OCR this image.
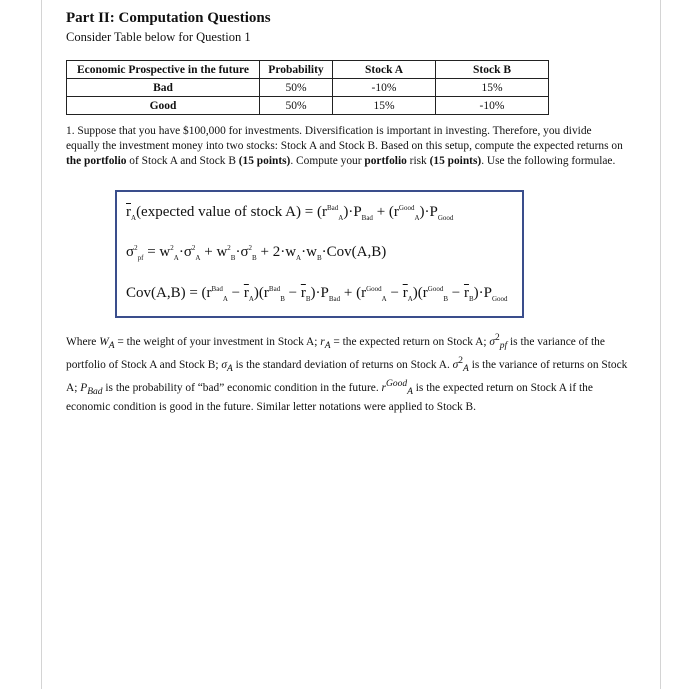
Part II: Computation Questions
Consider Table below for Question 1
Economic Prospective in the future	Probability	Stock A	Stock B
Bad	50%	-10%	15%
Good	50%	15%	-10%
1. Suppose that you have $100,000 for investments. Diversification is important in investing. Therefore, you divide equally the investment money into two stocks: Stock A and Stock B. Based on this setup, compute the expected returns on the portfolio of Stock A and Stock B (15 points). Compute your portfolio risk (15 points). Use the following formulae.
$\overline{r}_A(expected$ value of stock $A) = (r^{Bad}_A)\cdot P_{Bad} + (r^{Good}_A)\cdot P_{Good}$
$\sigma^2_{pf} = w^2_A\cdot\sigma^2_A + w^2_B\cdot\sigma^2_B + 2\cdot w_A\cdot w_B\cdot Cov(A,B)$
$Cov(A,B) = (r^{Bad}_A - \overline{r}_A)(r^{Bad}_B - \overline{r}_B)\cdot P_{Bad} + (r^{Good}_A - \overline{r}_A)(r^{Good}_B - \overline{r}_B)\cdot P_{Good}$
Where $W_A$ = the weight of your investment in Stock A; $r_A$ = the expected return on Stock A; $\sigma^2_{pf}$ is the variance of the portfolio of Stock A and Stock B; $\sigma_A$ is the standard deviation of returns on Stock A. $\sigma^2_A$ is the variance of returns on Stock A; $P_{Bad}$ is the probability of “bad” economic condition in the future. $r^{Good}_A$ is the expected return on Stock A if the economic condition is good in the future. Similar letter notations were applied to Stock B.
